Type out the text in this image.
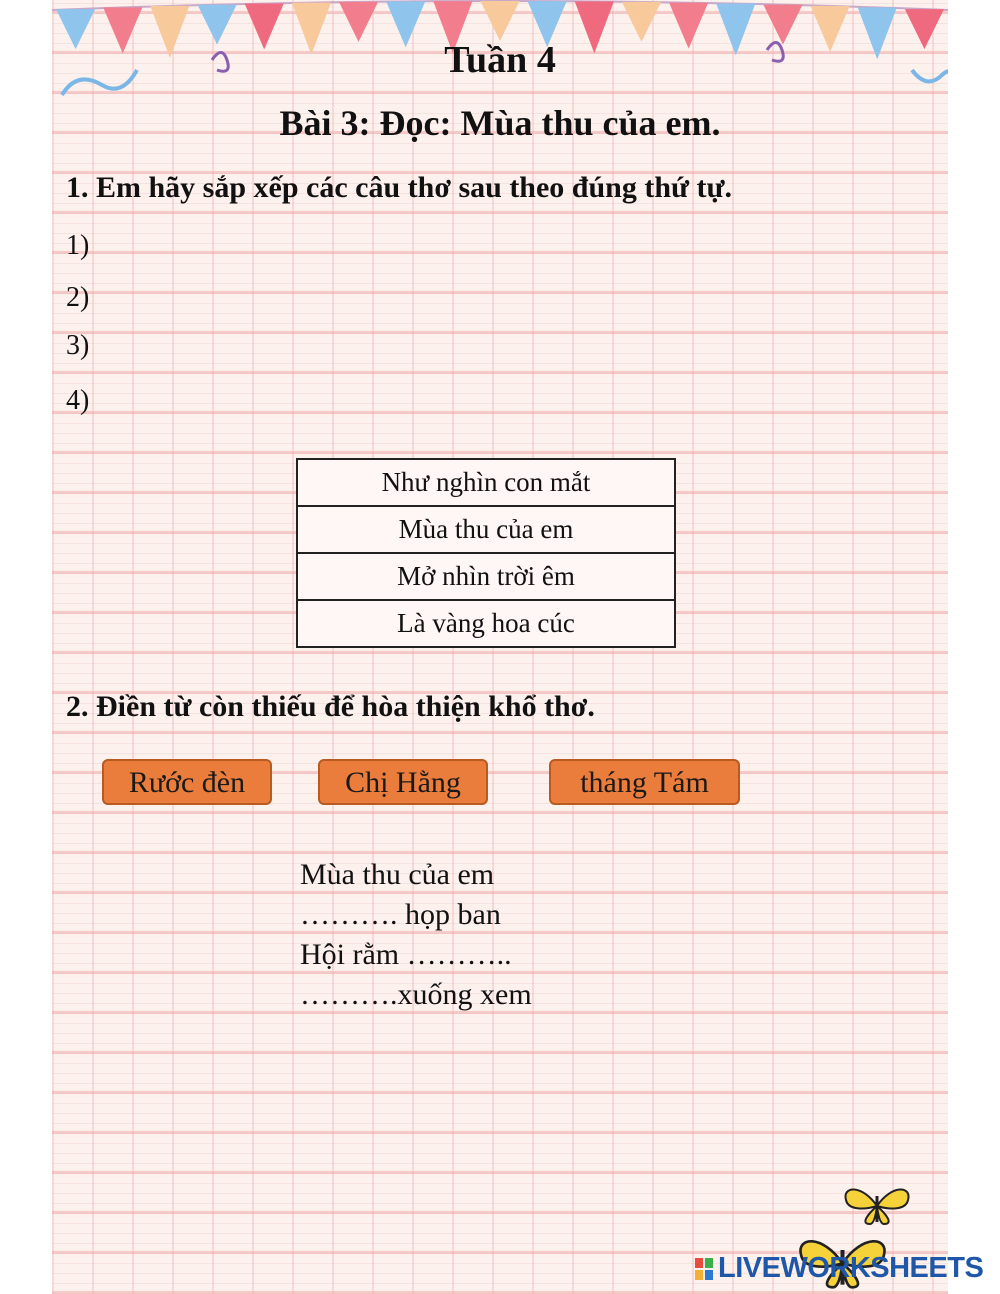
Tuần 4
Bài 3: Đọc: Mùa thu của em.
1. Em hãy sắp xếp các câu thơ sau theo đúng thứ tự.
1)
2)
3)
4)
Như nghìn con mắt
Mùa thu của em
Mở nhìn trời êm
Là vàng hoa cúc
2. Điền từ còn thiếu để hòa thiện khổ thơ.
Rước đèn	Chị Hằng	tháng Tám
Mùa thu của em
………. họp ban
Hội rằm ………..
……….xuống xem
LIVEWORKSHEETS
